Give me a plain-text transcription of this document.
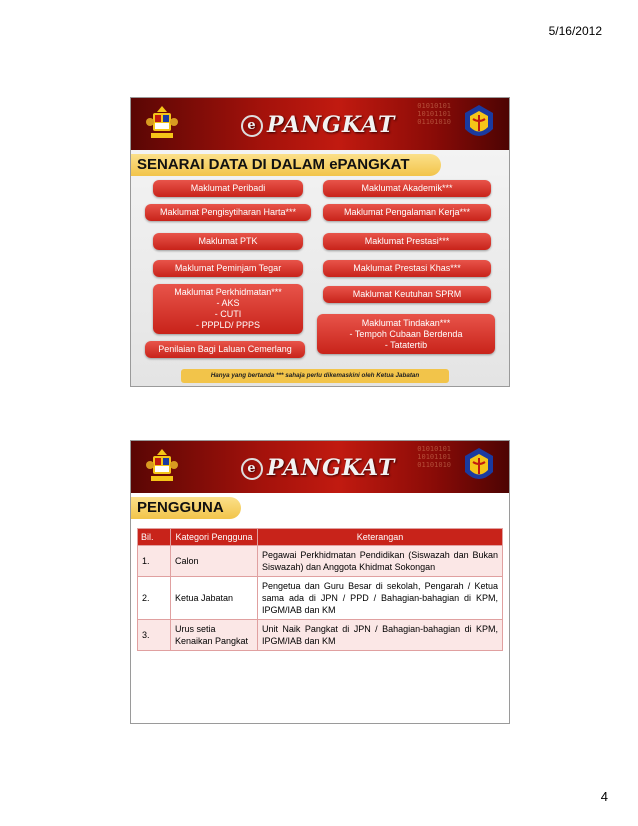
5/16/2012
01010101
10101101
01101010
e PANGKAT
SENARAI DATA DI DALAM ePANGKAT
Maklumat Peribadi
Maklumat Pengisytiharan Harta***
Maklumat PTK
Maklumat Peminjam Tegar
Maklumat Perkhidmatan***
- AKS
- CUTI
- PPPLD/ PPPS
Penilaian Bagi Laluan Cemerlang
Maklumat Akademik***
Maklumat Pengalaman Kerja***
Maklumat Prestasi***
Maklumat Prestasi Khas***
Maklumat Keutuhan SPRM
Maklumat Tindakan***
- Tempoh Cubaan Berdenda
- Tatatertib
Hanya yang bertanda *** sahaja perlu dikemaskini oleh Ketua Jabatan
01010101
10101101
01101010
e PANGKAT
PENGGUNA
Bil.	Kategori Pengguna	Keterangan
1.	Calon	Pegawai Perkhidmatan Pendidikan (Siswazah dan Bukan Siswazah) dan Anggota Khidmat Sokongan
2.	Ketua Jabatan	Pengetua dan Guru Besar di sekolah, Pengarah / Ketua sama ada di JPN / PPD / Bahagian-bahagian di KPM, IPGM/IAB dan KM
3.	Urus setia Kenaikan Pangkat	Unit Naik Pangkat di JPN / Bahagian-bahagian di KPM, IPGM/IAB dan KM
4
